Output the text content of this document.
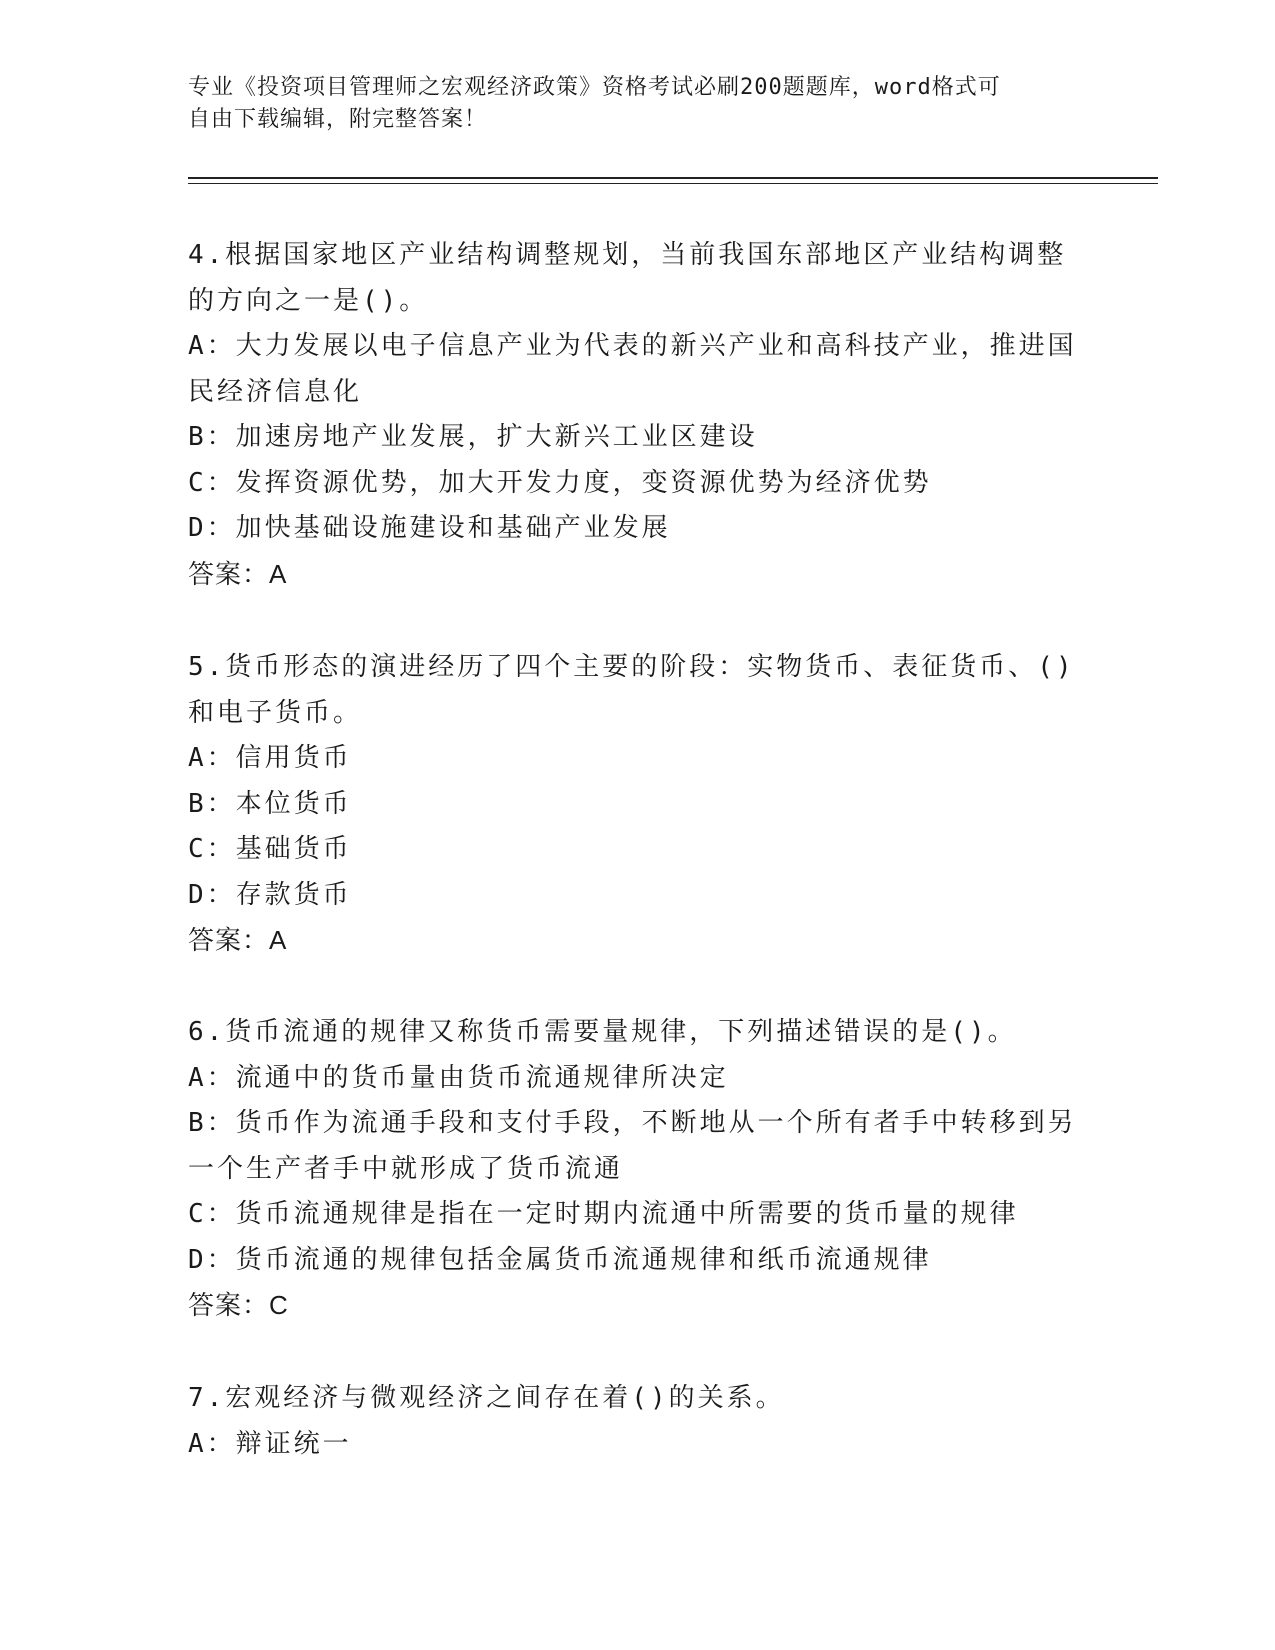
专业《投资项目管理师之宏观经济政策》资格考试必刷200题题库，word格式可
自由下载编辑，附完整答案！
4.根据国家地区产业结构调整规划，当前我国东部地区产业结构调整
的方向之一是()。
A：大力发展以电子信息产业为代表的新兴产业和高科技产业，推进国
民经济信息化
B：加速房地产业发展，扩大新兴工业区建设
C：发挥资源优势，加大开发力度，变资源优势为经济优势
D：加快基础设施建设和基础产业发展
答案：A
5.货币形态的演进经历了四个主要的阶段：实物货币、表征货币、()
和电子货币。
A：信用货币
B：本位货币
C：基础货币
D：存款货币
答案：A
6.货币流通的规律又称货币需要量规律，下列描述错误的是()。
A：流通中的货币量由货币流通规律所决定
B：货币作为流通手段和支付手段，不断地从一个所有者手中转移到另
一个生产者手中就形成了货币流通
C：货币流通规律是指在一定时期内流通中所需要的货币量的规律
D：货币流通的规律包括金属货币流通规律和纸币流通规律
答案：C
7.宏观经济与微观经济之间存在着()的关系。
A：辩证统一
